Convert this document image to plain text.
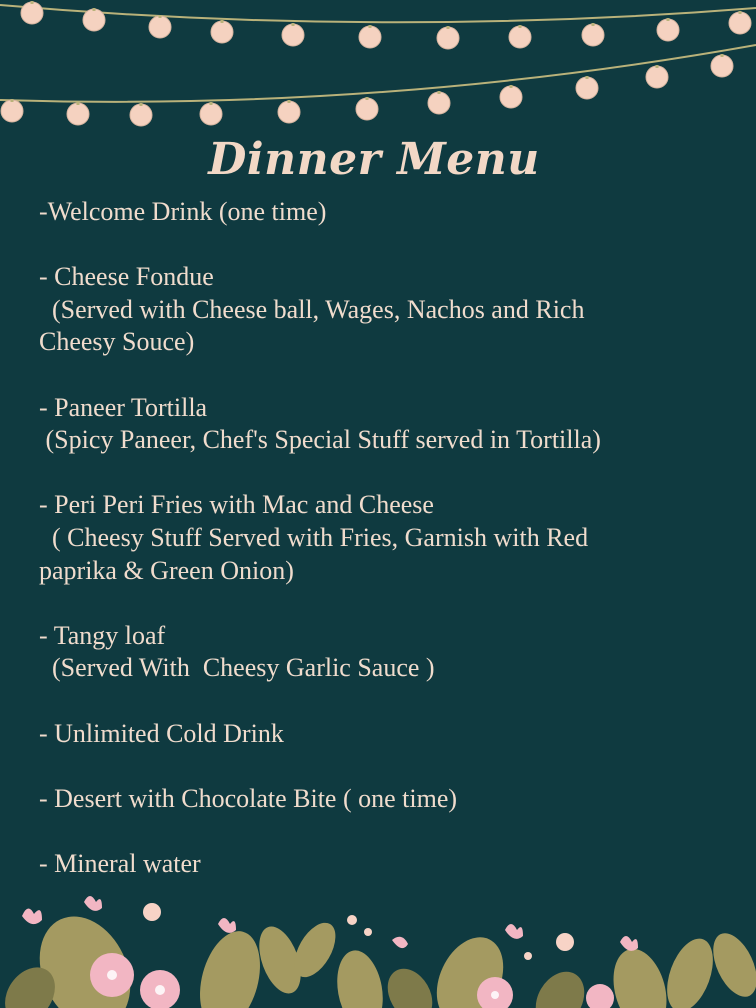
Dinner Menu
-Welcome Drink (one time)

- Cheese Fondue
(Served with Cheese ball, Wages, Nachos and Rich
Cheesy Souce)

- Paneer Tortilla
(Spicy Paneer, Chef's Special Stuff served in Tortilla)

- Peri Peri Fries with Mac and Cheese
( Cheesy Stuff Served with Fries, Garnish with Red
paprika & Green Onion)

- Tangy loaf
(Served With  Cheesy Garlic Sauce )

- Unlimited Cold Drink

- Desert with Chocolate Bite ( one time)

- Mineral water
